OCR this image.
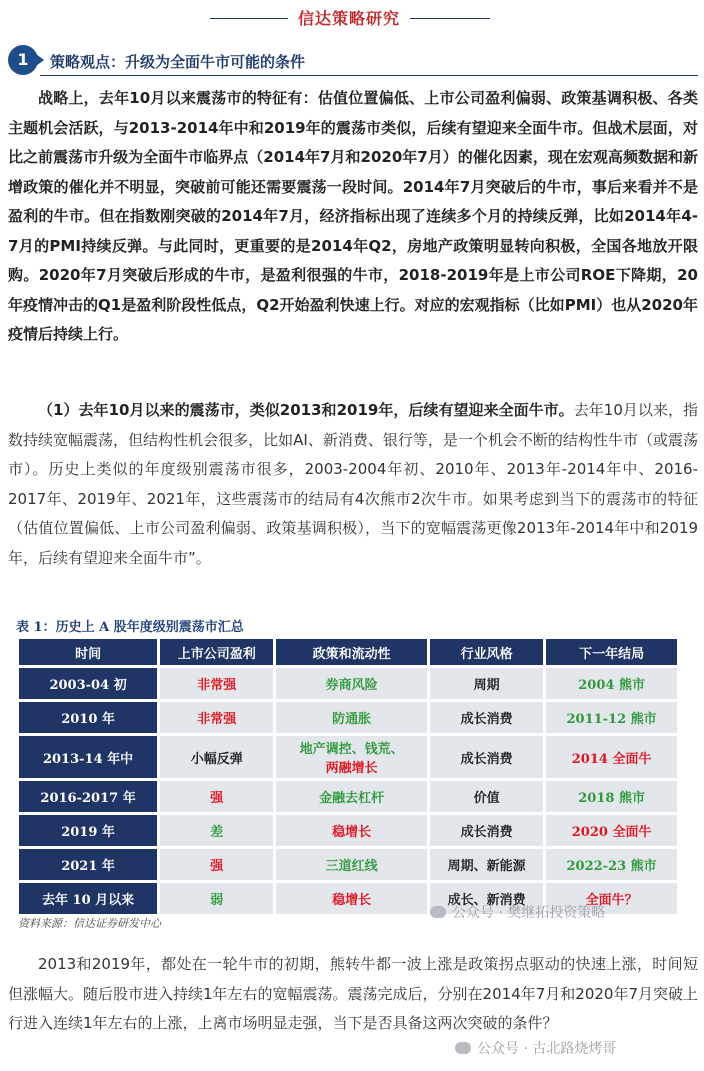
信达策略研究
1	策略观点：升级为全面牛市可能的条件

战略上，去年10月以来震荡市的特征有：估值位置偏低、上市公司盈利偏弱、政策基调积极、各类主题机会活跃，与2013-2014年中和2019年的震荡市类似，后续有望迎来全面牛市。但战术层面，对比之前震荡市升级为全面牛市临界点（2014年7月和2020年7月）的催化因素，现在宏观高频数据和新增政策的催化并不明显，突破前可能还需要震荡一段时间。2014年7月突破后的牛市，事后来看并不是盈利的牛市。但在指数刚突破的2014年7月，经济指标出现了连续多个月的持续反弹，比如2014年4-7月的PMI持续反弹。与此同时，更重要的是2014年Q2，房地产政策明显转向积极，全国各地放开限购。2020年7月突破后形成的牛市，是盈利很强的牛市，2018-2019年是上市公司ROE下降期，20年疫情冲击的Q1是盈利阶段性低点，Q2开始盈利快速上行。对应的宏观指标（比如PMI）也从2020年疫情后持续上行。

（1）去年10月以来的震荡市，类似2013和2019年，后续有望迎来全面牛市。去年10月以来，指数持续宽幅震荡，但结构性机会很多，比如AI、新消费、银行等，是一个机会不断的结构性牛市（或震荡市）。历史上类似的年度级别震荡市很多，2003-2004年初、2010年、2013年-2014年中、2016-2017年、2019年、2021年，这些震荡市的结局有4次熊市2次牛市。如果考虑到当下的震荡市的特征（估值位置偏低、上市公司盈利偏弱、政策基调积极），当下的宽幅震荡更像2013年-2014年中和2019年，后续有望迎来全面牛市”。

表 1：历史上 A 股年度级别震荡市汇总
时间	上市公司盈利	政策和流动性	行业风格	下一年结局
2003-04 初	非常强	券商风险	周期	2004 熊市
2010 年	非常强	防通胀	成长消费	2011-12 熊市
2013-14 年中	小幅反弹	地产调控、钱荒、
两融增长	成长消费	2014 全面牛
2016-2017 年	强	金融去杠杆	价值	2018 熊市
2019 年	差	稳增长	成长消费	2020 全面牛
2021 年	强	三道红线	周期、新能源	2022-23 熊市
去年 10 月以来	弱	稳增长	成长、新消费	全面牛？
资料来源：信达证券研发中心
公众号 · 樊继拓投资策略

2013和2019年，都处在一轮牛市的初期，熊转牛都一波上涨是政策拐点驱动的快速上涨，时间短但涨幅大。随后股市进入持续1年左右的宽幅震荡。震荡完成后，分别在2014年7月和2020年7月突破上行进入连续1年左右的上涨，上离市场明显走强，当下是否具备这两次突破的条件？

公众号 · 古北路烧烤哥
